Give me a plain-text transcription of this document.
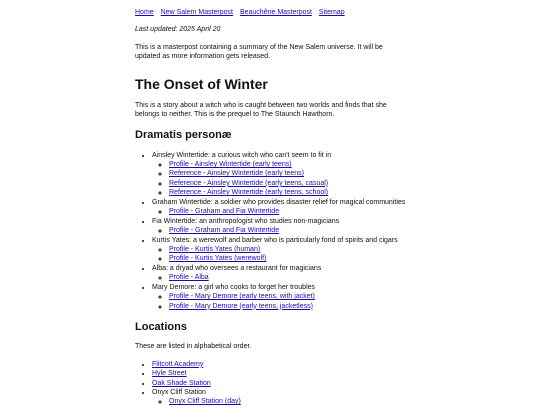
Home New Salem Masterpost Beauchêne Masterpost Sitemap
Last updated: 2025 April 20

This is a masterpost containing a summary of the New Salem universe. It will be updated as more information gets released.

The Onset of Winter

This is a story about a witch who is caught between two worlds and finds that she belongs to neither. This is the prequel to The Staunch Hawthorn.

Dramatis personæ
• Ainsley Wintertide: a curious witch who can't seem to fit in
◦ Profile - Ainsley Wintertide (early teens)
◦ Reference - Ainsley Wintertide (early teens)
◦ Reference - Ainsley Wintertide (early teens, casual)
◦ Reference - Ainsley Wintertide (early teens, school)
• Graham Wintertide: a soldier who provides disaster relief for magical communities
◦ Profile - Graham and Fia Wintertide
• Fia Wintertide: an anthropologist who studies non-magicians
◦ Profile - Graham and Fia Wintertide
• Kurtis Yates: a werewolf and barber who is particularly fond of spirits and cigars
◦ Profile - Kurtis Yates (human)
◦ Profile - Kurtis Yates (werewolf)
• Alba: a dryad who oversees a restaurant for magicians
◦ Profile - Alba
• Mary Demore: a girl who cooks to forget her troubles
◦ Profile - Mary Demore (early teens, with jacket)
◦ Profile - Mary Demore (early teens, jacketless)
Locations

These are listed in alphabetical order.

• Flitcott Academy
• Hyle Street
• Oak Shade Station
• Onyx Cliff Station
◦ Onyx Cliff Station (day)
